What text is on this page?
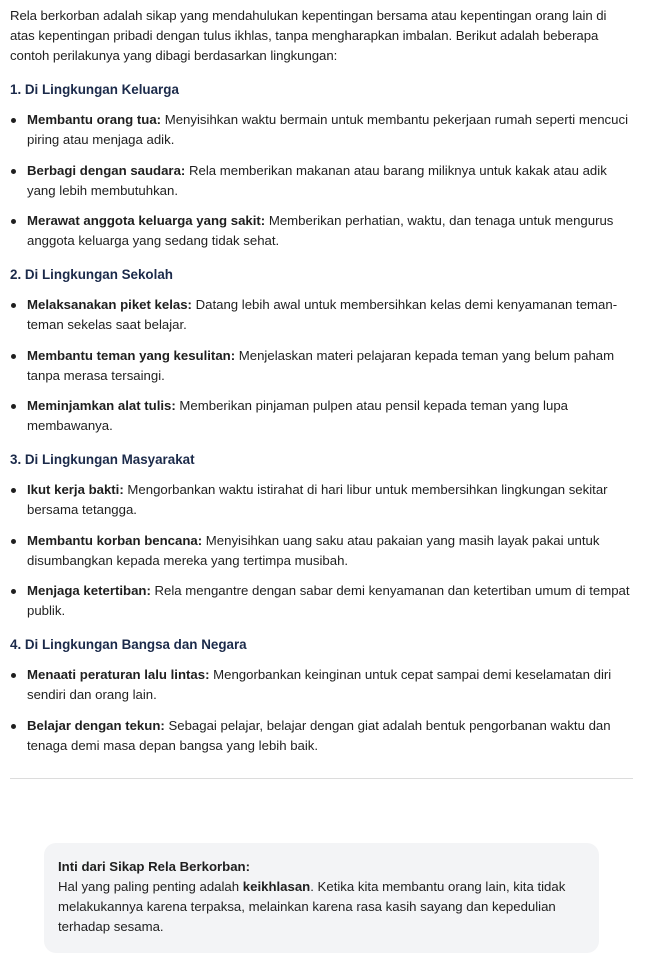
Rela berkorban adalah sikap yang mendahulukan kepentingan bersama atau kepentingan orang lain di atas kepentingan pribadi dengan tulus ikhlas, tanpa mengharapkan imbalan. Berikut adalah beberapa contoh perilakunya yang dibagi berdasarkan lingkungan:

1. Di Lingkungan Keluarga
Membantu orang tua: Menyisihkan waktu bermain untuk membantu pekerjaan rumah seperti mencuci piring atau menjaga adik.
Berbagi dengan saudara: Rela memberikan makanan atau barang miliknya untuk kakak atau adik yang lebih membutuhkan.
Merawat anggota keluarga yang sakit: Memberikan perhatian, waktu, dan tenaga untuk mengurus anggota keluarga yang sedang tidak sehat.
2. Di Lingkungan Sekolah
Melaksanakan piket kelas: Datang lebih awal untuk membersihkan kelas demi kenyamanan teman-teman sekelas saat belajar.
Membantu teman yang kesulitan: Menjelaskan materi pelajaran kepada teman yang belum paham tanpa merasa tersaingi.
Meminjamkan alat tulis: Memberikan pinjaman pulpen atau pensil kepada teman yang lupa membawanya.
3. Di Lingkungan Masyarakat
Ikut kerja bakti: Mengorbankan waktu istirahat di hari libur untuk membersihkan lingkungan sekitar bersama tetangga.
Membantu korban bencana: Menyisihkan uang saku atau pakaian yang masih layak pakai untuk disumbangkan kepada mereka yang tertimpa musibah.
Menjaga ketertiban: Rela mengantre dengan sabar demi kenyamanan dan ketertiban umum di tempat publik.
4. Di Lingkungan Bangsa dan Negara
Menaati peraturan lalu lintas: Mengorbankan keinginan untuk cepat sampai demi keselamatan diri sendiri dan orang lain.
Belajar dengan tekun: Sebagai pelajar, belajar dengan giat adalah bentuk pengorbanan waktu dan tenaga demi masa depan bangsa yang lebih baik.

Inti dari Sikap Rela Berkorban:

Hal yang paling penting adalah keikhlasan. Ketika kita membantu orang lain, kita tidak melakukannya karena terpaksa, melainkan karena rasa kasih sayang dan kepedulian terhadap sesama.
